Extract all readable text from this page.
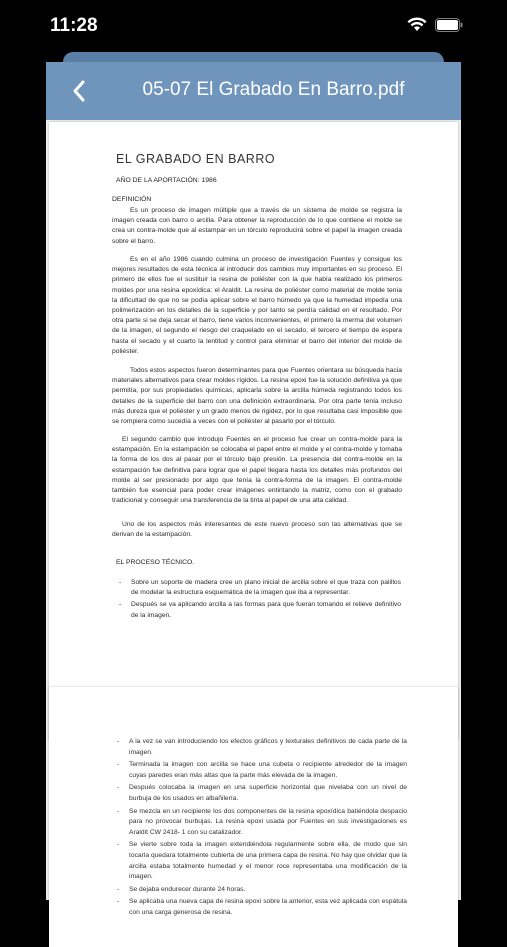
11:28
05-07 El Grabado En Barro.pdf
EL GRABADO EN BARRO
AÑO DE LA APORTACIÓN: 1986
DEFINICIÓN
Es un proceso de imagen múltiple que a través de un sistema de molde se registra la imagen creada con barro o arcilla. Para obtener la reproducción de lo que contiene el molde se crea un contra-molde que al estampar en un tórculo reproducirá sobre el papel la imagen creada sobre el barro.
Es en el año 1986 cuando culmina un proceso de investigación Fuentes y consigue los mejores resultados de esta técnica al introducir dos cambios muy importantes en su proceso. El primero de ellos fue el sustituir la resina de poliéster con la que había realizado los primeros moldes por una resina epoxídica: el Araldit. La resina de poliéster como material de molde tenía la dificultad de que no se podía aplicar sobre el barro húmedo ya que la humedad impedía una polimerización en los detalles de la superficie y por tanto se perdía calidad en el resultado. Por otra parte si se deja secar el barro, tiene varios inconvenientes, el primero la merma del volumen de la imagen, el segundo el riesgo del craquelado en el secado, el tercero el tiempo de espera hasta el secado y el cuarto la lentitud y control para eliminar el barro del interior del molde de poliéster.
Todos estos aspectos fueron determinantes para que Fuentes orientara su búsqueda hacia materiales alternativos para crear moldes rígidos. La resina epoxi fue la solución definitiva ya que permitía, por sus propiedades químicas, aplicarla sobre la arcilla húmeda registrando todos los detalles de la superficie del barro con una definición extraordinaria. Por otra parte tenía incluso más dureza que el poliéster y un grado menos de rigidez, por lo que resultaba casi imposible que se rompiera como sucedía a veces con el poliéster al pasarlo por el tórculo.
El segundo cambio que introdujo Fuentes en el proceso fue crear un contra-molde para la estampación. En la estampación se colocaba el papel entre el molde y el contra-molde y tomaba la forma de los dos al pasar por el tórculo bajo presión. La presencia del contra-molde en la estampación fue definitiva para lograr que el papel llegara hasta los detalles más profundos del molde al ser presionado por algo que tenía la contra-forma de la imagen. El contra-molde también fue esencial para poder crear imágenes entintando la matriz, como con el grabado tradicional y conseguir una transferencia de la tinta al papel de una alta calidad.
Uno de los aspectos más interesantes de este nuevo proceso son las alternativas que se derivan de la estampación.
EL PROCESO TÉCNICO.
- Sobre un soporte de madera cree un plano inicial de arcilla sobre el que traza con palillos de modelar la estructura esquemática de la imagen que iba a representar.
- Después se va aplicando arcilla a las formas para que fueran tomando el relieve definitivo de la imagen.
- A la vez se van introduciendo los efectos gráficos y texturales definitivos de cada parte de la imagen.
- Terminada la imagen con arcilla se hace una cubeta o recipiente alrededor de la imagen cuyas paredes eran más altas que la parte más elevada de la imagen.
- Después colocaba la imagen en una superficie horizontal que nivelaba con un nivel de burbuja de los usados en albañilería.
- Se mezcla en un recipiente los dos componentes de la resina epoxídica batiéndola despacio para no provocar burbujas. La resina epoxi usada por Fuentes en sus investigaciones es Araldit CW 2418- 1 con su catalizador.
- Se vierte sobre toda la imagen extendiéndola regularmente sobre ella, de modo que sin tocarla quedara totalmente cubierta de una primera capa de resina. No hay que olvidar que la arcilla estaba totalmente humedad y el menor roce representaba una modificación de la imagen.
- Se dejaba endurecer durante 24 horas.
- Se aplicaba una nueva capa de resina epoxi sobre la anterior, esta vez aplicada con espátula con una carga generosa de resina.
